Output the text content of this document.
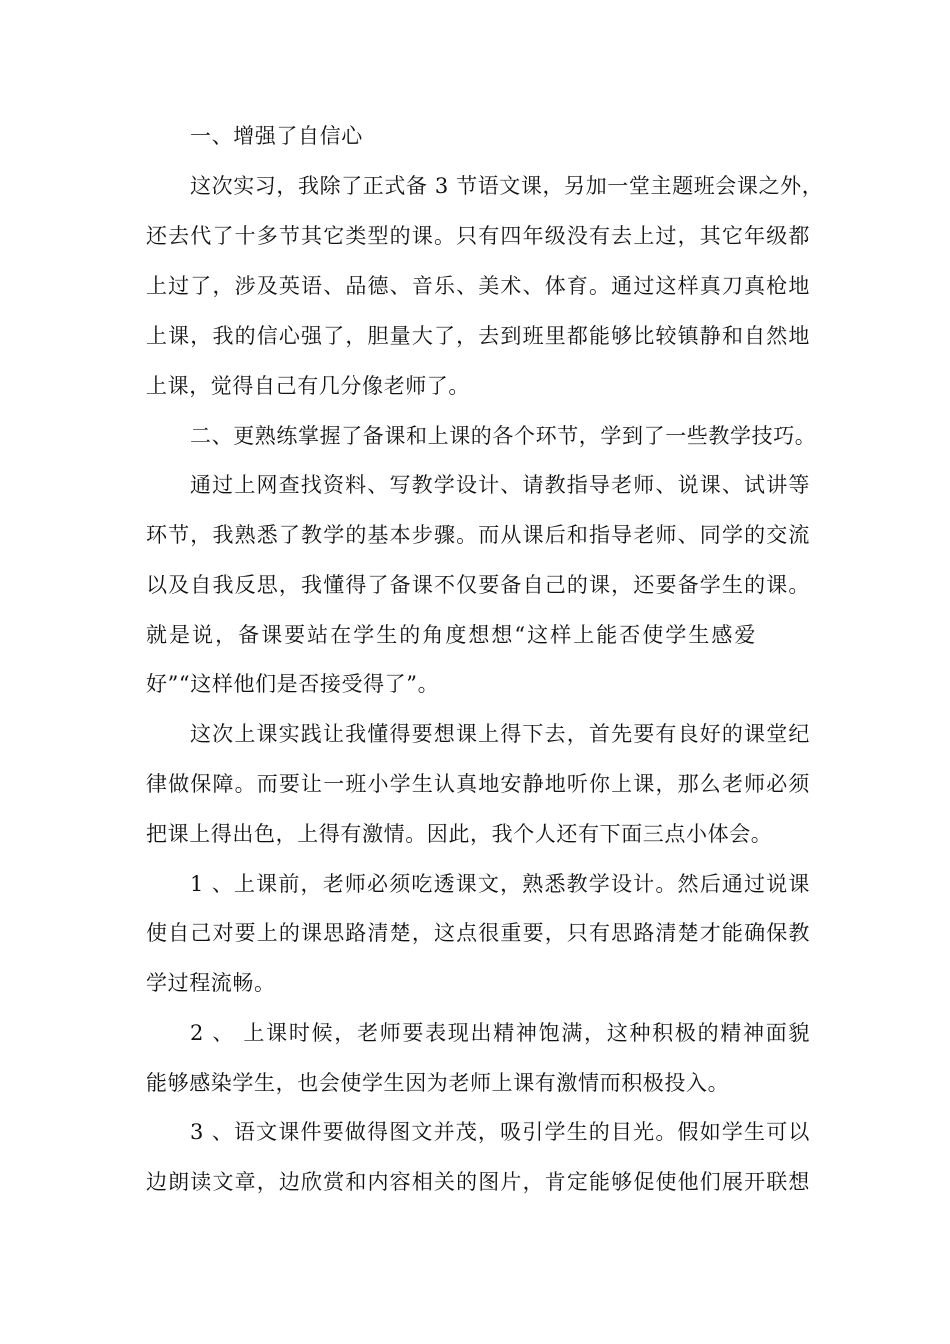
一、增强了自信心
这次实习，我除了正式备 3 节语文课，另加一堂主题班会课之外，
还去代了十多节其它类型的课。只有四年级没有去上过，其它年级都
上过了，涉及英语、品德、音乐、美术、体育。通过这样真刀真枪地
上课，我的信心强了，胆量大了，去到班里都能够比较镇静和自然地
上课，觉得自己有几分像老师了。
二、更熟练掌握了备课和上课的各个环节，学到了一些教学技巧。
通过上网查找资料、写教学设计、请教指导老师、说课、试讲等
环节，我熟悉了教学的基本步骤。而从课后和指导老师、同学的交流
以及自我反思，我懂得了备课不仅要备自己的课，还要备学生的课。
就是说，备课要站在学生的角度想想“这样上能否使学生感爱
好”“这样他们是否接受得了”。
这次上课实践让我懂得要想课上得下去，首先要有良好的课堂纪
律做保障。而要让一班小学生认真地安静地听你上课，那么老师必须
把课上得出色，上得有激情。因此，我个人还有下面三点小体会。
1 、上课前，老师必须吃透课文，熟悉教学设计。然后通过说课
使自己对要上的课思路清楚，这点很重要，只有思路清楚才能确保教
学过程流畅。
2 、 上课时候，老师要表现出精神饱满，这种积极的精神面貌
能够感染学生，也会使学生因为老师上课有激情而积极投入。
3 、语文课件要做得图文并茂，吸引学生的目光。假如学生可以
边朗读文章，边欣赏和内容相关的图片，肯定能够促使他们展开联想
